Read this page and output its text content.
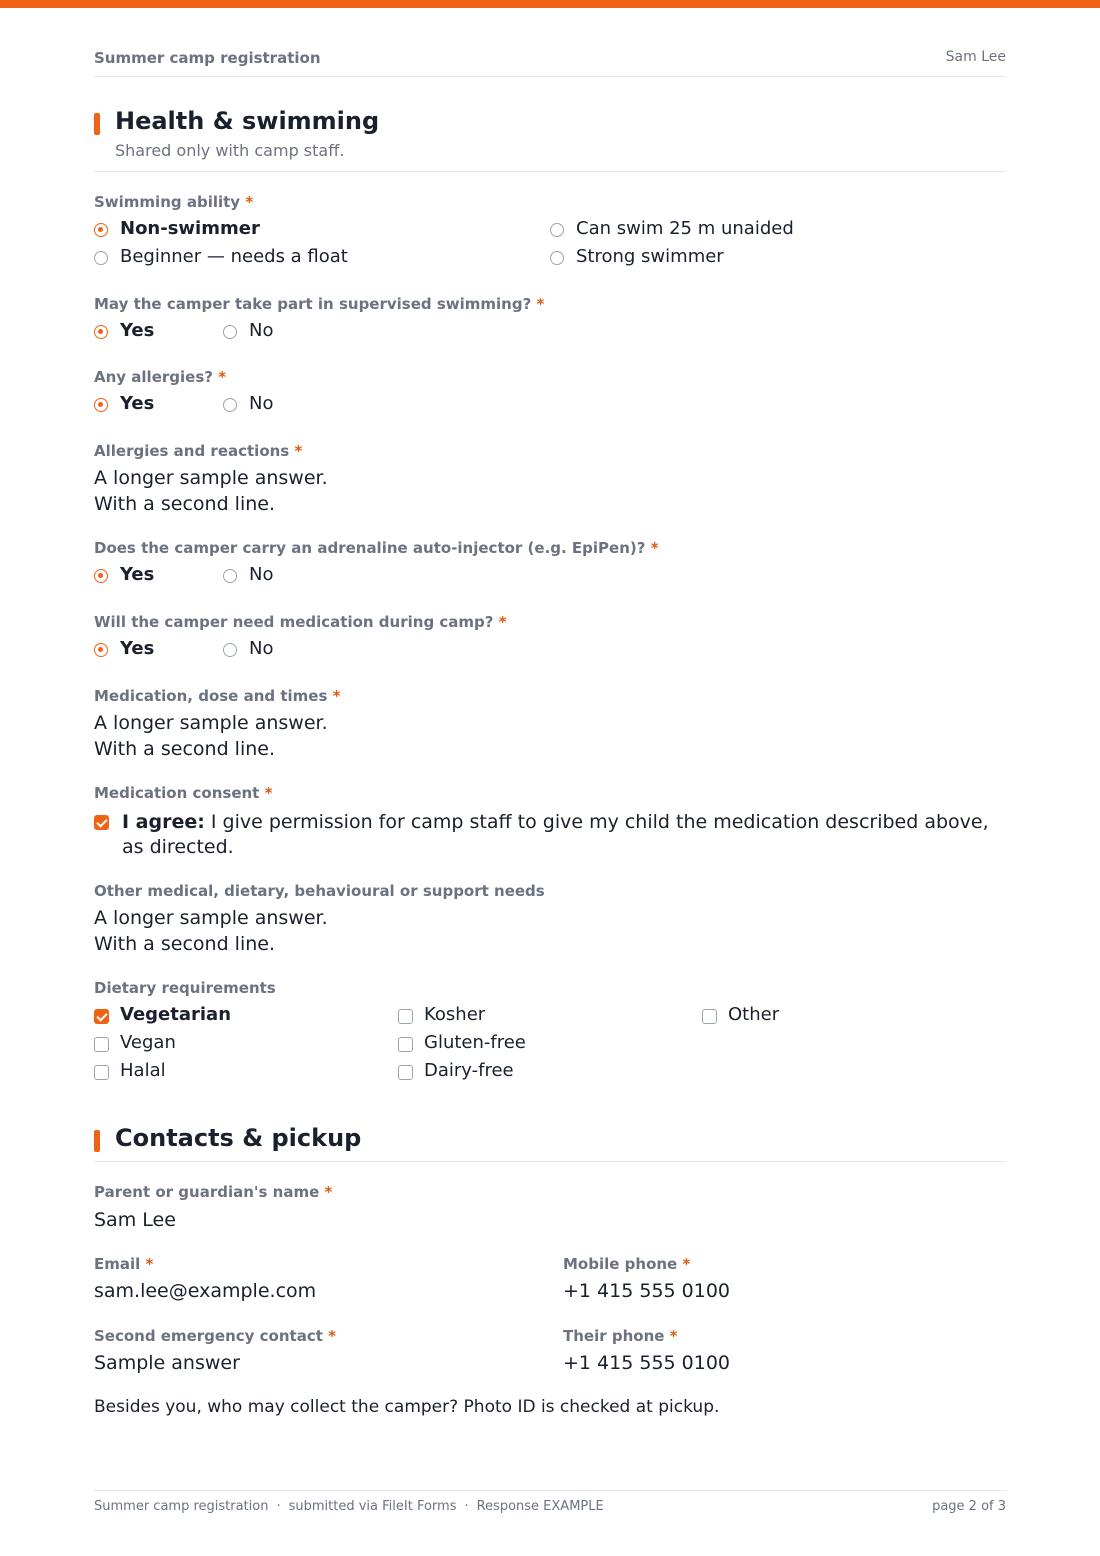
Summer camp registration	Sam Lee
Health & swimming
Shared only with camp staff.
Swimming ability *
Non-swimmer
Beginner — needs a float
Can swim 25 m unaided
Strong swimmer
May the camper take part in supervised swimming? *
Yes	No
Any allergies? *
Yes	No
Allergies and reactions *
A longer sample answer.
With a second line.
Does the camper carry an adrenaline auto-injector (e.g. EpiPen)? *
Yes	No
Will the camper need medication during camp? *
Yes	No
Medication, dose and times *
A longer sample answer.
With a second line.
Medication consent *
I agree: I give permission for camp staff to give my child the medication described above, as directed.
Other medical, dietary, behavioural or support needs
A longer sample answer.
With a second line.
Dietary requirements
Vegetarian
Vegan
Halal
Kosher
Gluten-free
Dairy-free
Other
Contacts & pickup
Parent or guardian's name *
Sam Lee
Email *
sam.lee@example.com
Mobile phone *
+1 415 555 0100
Second emergency contact *
Sample answer
Their phone *
+1 415 555 0100
Besides you, who may collect the camper? Photo ID is checked at pickup.
Summer camp registration · submitted via FileIt Forms · Response EXAMPLE	page 2 of 3
